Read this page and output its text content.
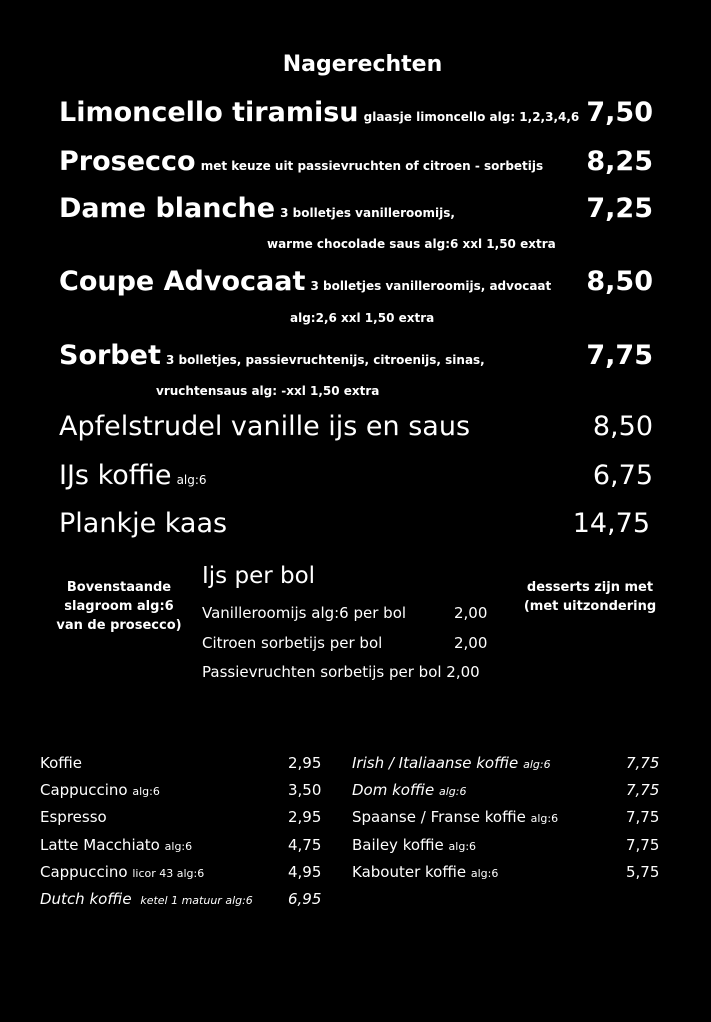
Nagerechten
Limoncello tiramisu glaasje limoncello alg: 1,2,3,4,6 7,50
Prosecco met keuze uit passievruchten of citroen - sorbetijs	8,25
Dame blanche 3 bolletjes vanilleroomijs,	7,25
warme chocolade saus alg:6 xxl 1,50 extra
Coupe Advocaat 3 bolletjes vanilleroomijs, advocaat	8,50
alg:2,6 xxl 1,50 extra
Sorbet 3 bolletjes, passievruchtenijs, citroenijs, sinas,	7,75
vruchtensaus alg: -xxl 1,50 extra
Apfelstrudel vanille ijs en saus	8,50
IJs koffie alg:6	6,75
Plankje kaas	14,75
Bovenstaande
slagroom alg:6
van de prosecco)
desserts zijn met
(met uitzondering
Ijs per bol
Vanilleroomijs alg:6 per bol	2,00
Citroen sorbetijs per bol	2,00
Passievruchten sorbetijs per bol 2,00
Koffie	2,95
Cappuccino alg:6	3,50
Espresso	2,95
Latte Macchiato alg:6	4,75
Cappuccino licor 43 alg:6	4,95
Dutch koffie ketel 1 matuur alg:6 6,95
Irish / Italiaanse koffie alg:6	7,75
Dom koffie alg:6	7,75
Spaanse / Franse koffie alg:6	7,75
Bailey koffie alg:6	7,75
Kabouter koffie alg:6	5,75
